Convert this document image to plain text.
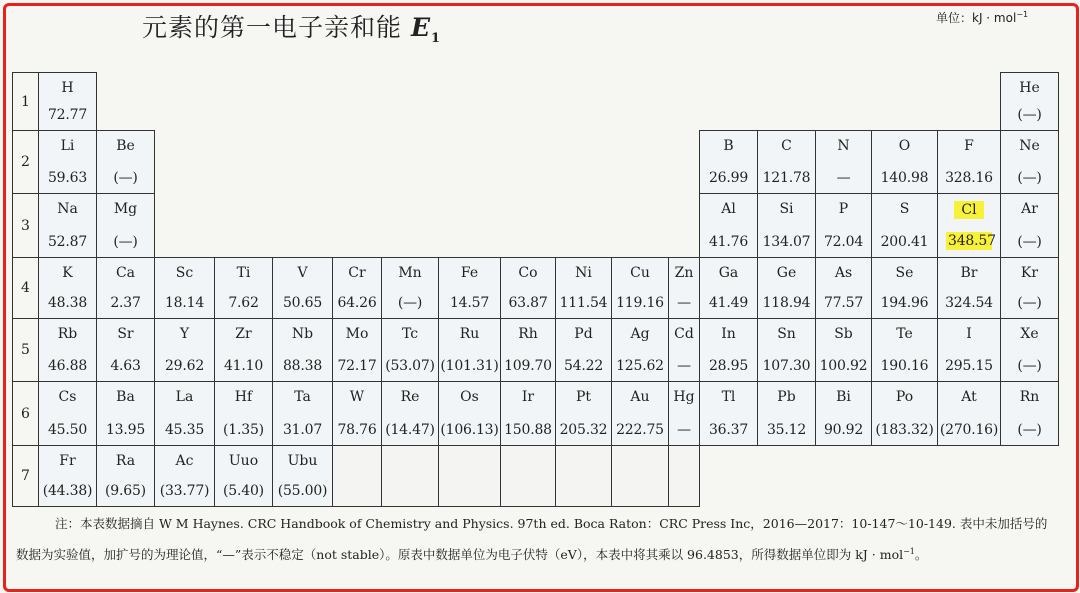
元素的第一电子亲和能 $E_1$
单位：kJ · mol$^{-1}$
1
2
3
4
5
6
7
H
72.77
He
(—)
Li
59.63
Be
(—)
B
26.99
C
121.78
N
—
O
140.98
F
328.16
Ne
(—)
Na
52.87
Mg
(—)
Al
41.76
Si
134.07
P
72.04
S
200.41
Cl
348.57
Ar
(—)
K
48.38
Ca
2.37
Sc
18.14
Ti
7.62
V
50.65
Cr
64.26
Mn
(—)
Fe
14.57
Co
63.87
Ni
111.54
Cu
119.16
Zn
—
Ga
41.49
Ge
118.94
As
77.57
Se
194.96
Br
324.54
Kr
(—)
Rb
46.88
Sr
4.63
Y
29.62
Zr
41.10
Nb
88.38
Mo
72.17
Tc
(53.07)
Ru
(101.31)
Rh
109.70
Pd
54.22
Ag
125.62
Cd
—
In
28.95
Sn
107.30
Sb
100.92
Te
190.16
I
295.15
Xe
(—)
Cs
45.50
Ba
13.95
La
45.35
Hf
(1.35)
Ta
31.07
W
78.76
Re
(14.47)
Os
(106.13)
Ir
150.88
Pt
205.32
Au
222.75
Hg
—
Tl
36.37
Pb
35.12
Bi
90.92
Po
(183.32)
At
(270.16)
Rn
(—)
Fr
(44.38)
Ra
(9.65)
Ac
(33.77)
Uuo
(5.40)
Ubu
(55.00)
注：本表数据摘自 W M Haynes. CRC Handbook of Chemistry and Physics. 97th ed. Boca Raton：CRC Press Inc，2016—2017：10-147～10-149. 表中未加括号的
数据为实验值，加扩号的为理论值，“—”表示不稳定（not stable）。原表中数据单位为电子伏特（eV），本表中将其乘以 96.4853，所得数据单位即为 kJ · mol$^{-1}$。
